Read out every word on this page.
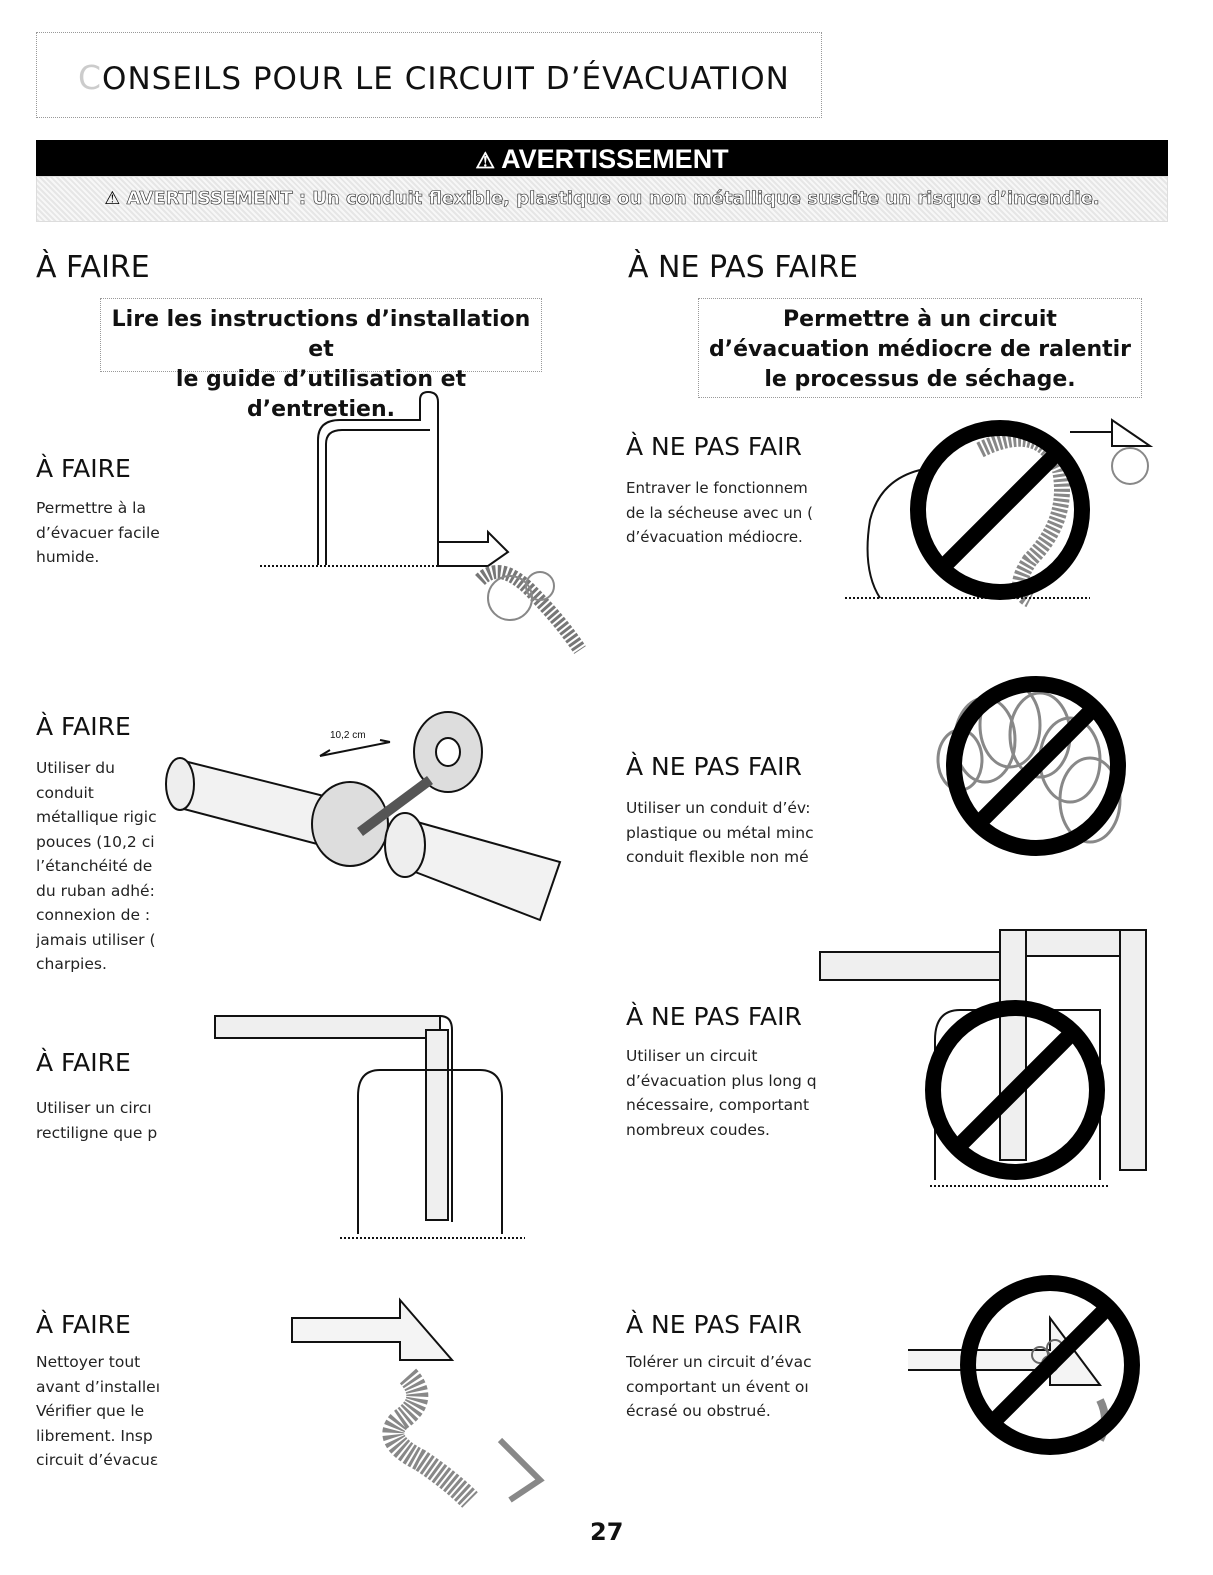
CONSEILS POUR LE CIRCUIT D’ÉVACUATION
⚠ AVERTISSEMENT
⚠ AVERTISSEMENT : Un conduit flexible, plastique ou non métallique suscite un risque d’incendie.
À FAIRE	À NE PAS FAIRE
Lire les instructions d’installation et
le guide d’utilisation et d’entretien.
Permettre à un circuit
d’évacuation médiocre de ralentir
le processus de séchage.
À FAIRE
Permettre à la
d’évacuer facile
humide.
À FAIRE
Utiliser du
conduit
métallique rigic
pouces (10,2 ci
l’étanchéité de
du ruban adhé:
connexion de :
jamais utiliser (
charpies.
À FAIRE
Utiliser un circı
rectiligne que p
À FAIRE
Nettoyer tout
avant d’installeı
Vérifier que le
librement. Insp
circuit d’évacuɛ
À NE PAS FAIR
Entraver le fonctionnem
de la sécheuse avec un (
d’évacuation médiocre.
À NE PAS FAIR
Utiliser un conduit d’év:
plastique ou métal minc
conduit flexible non mé
À NE PAS FAIR
Utiliser un circuit
d’évacuation plus long q
nécessaire, comportant
nombreux coudes.
À NE PAS FAIR
Tolérer un circuit d’évac
comportant un évent oı
écrasé ou obstrué.
10,2 cm
27
